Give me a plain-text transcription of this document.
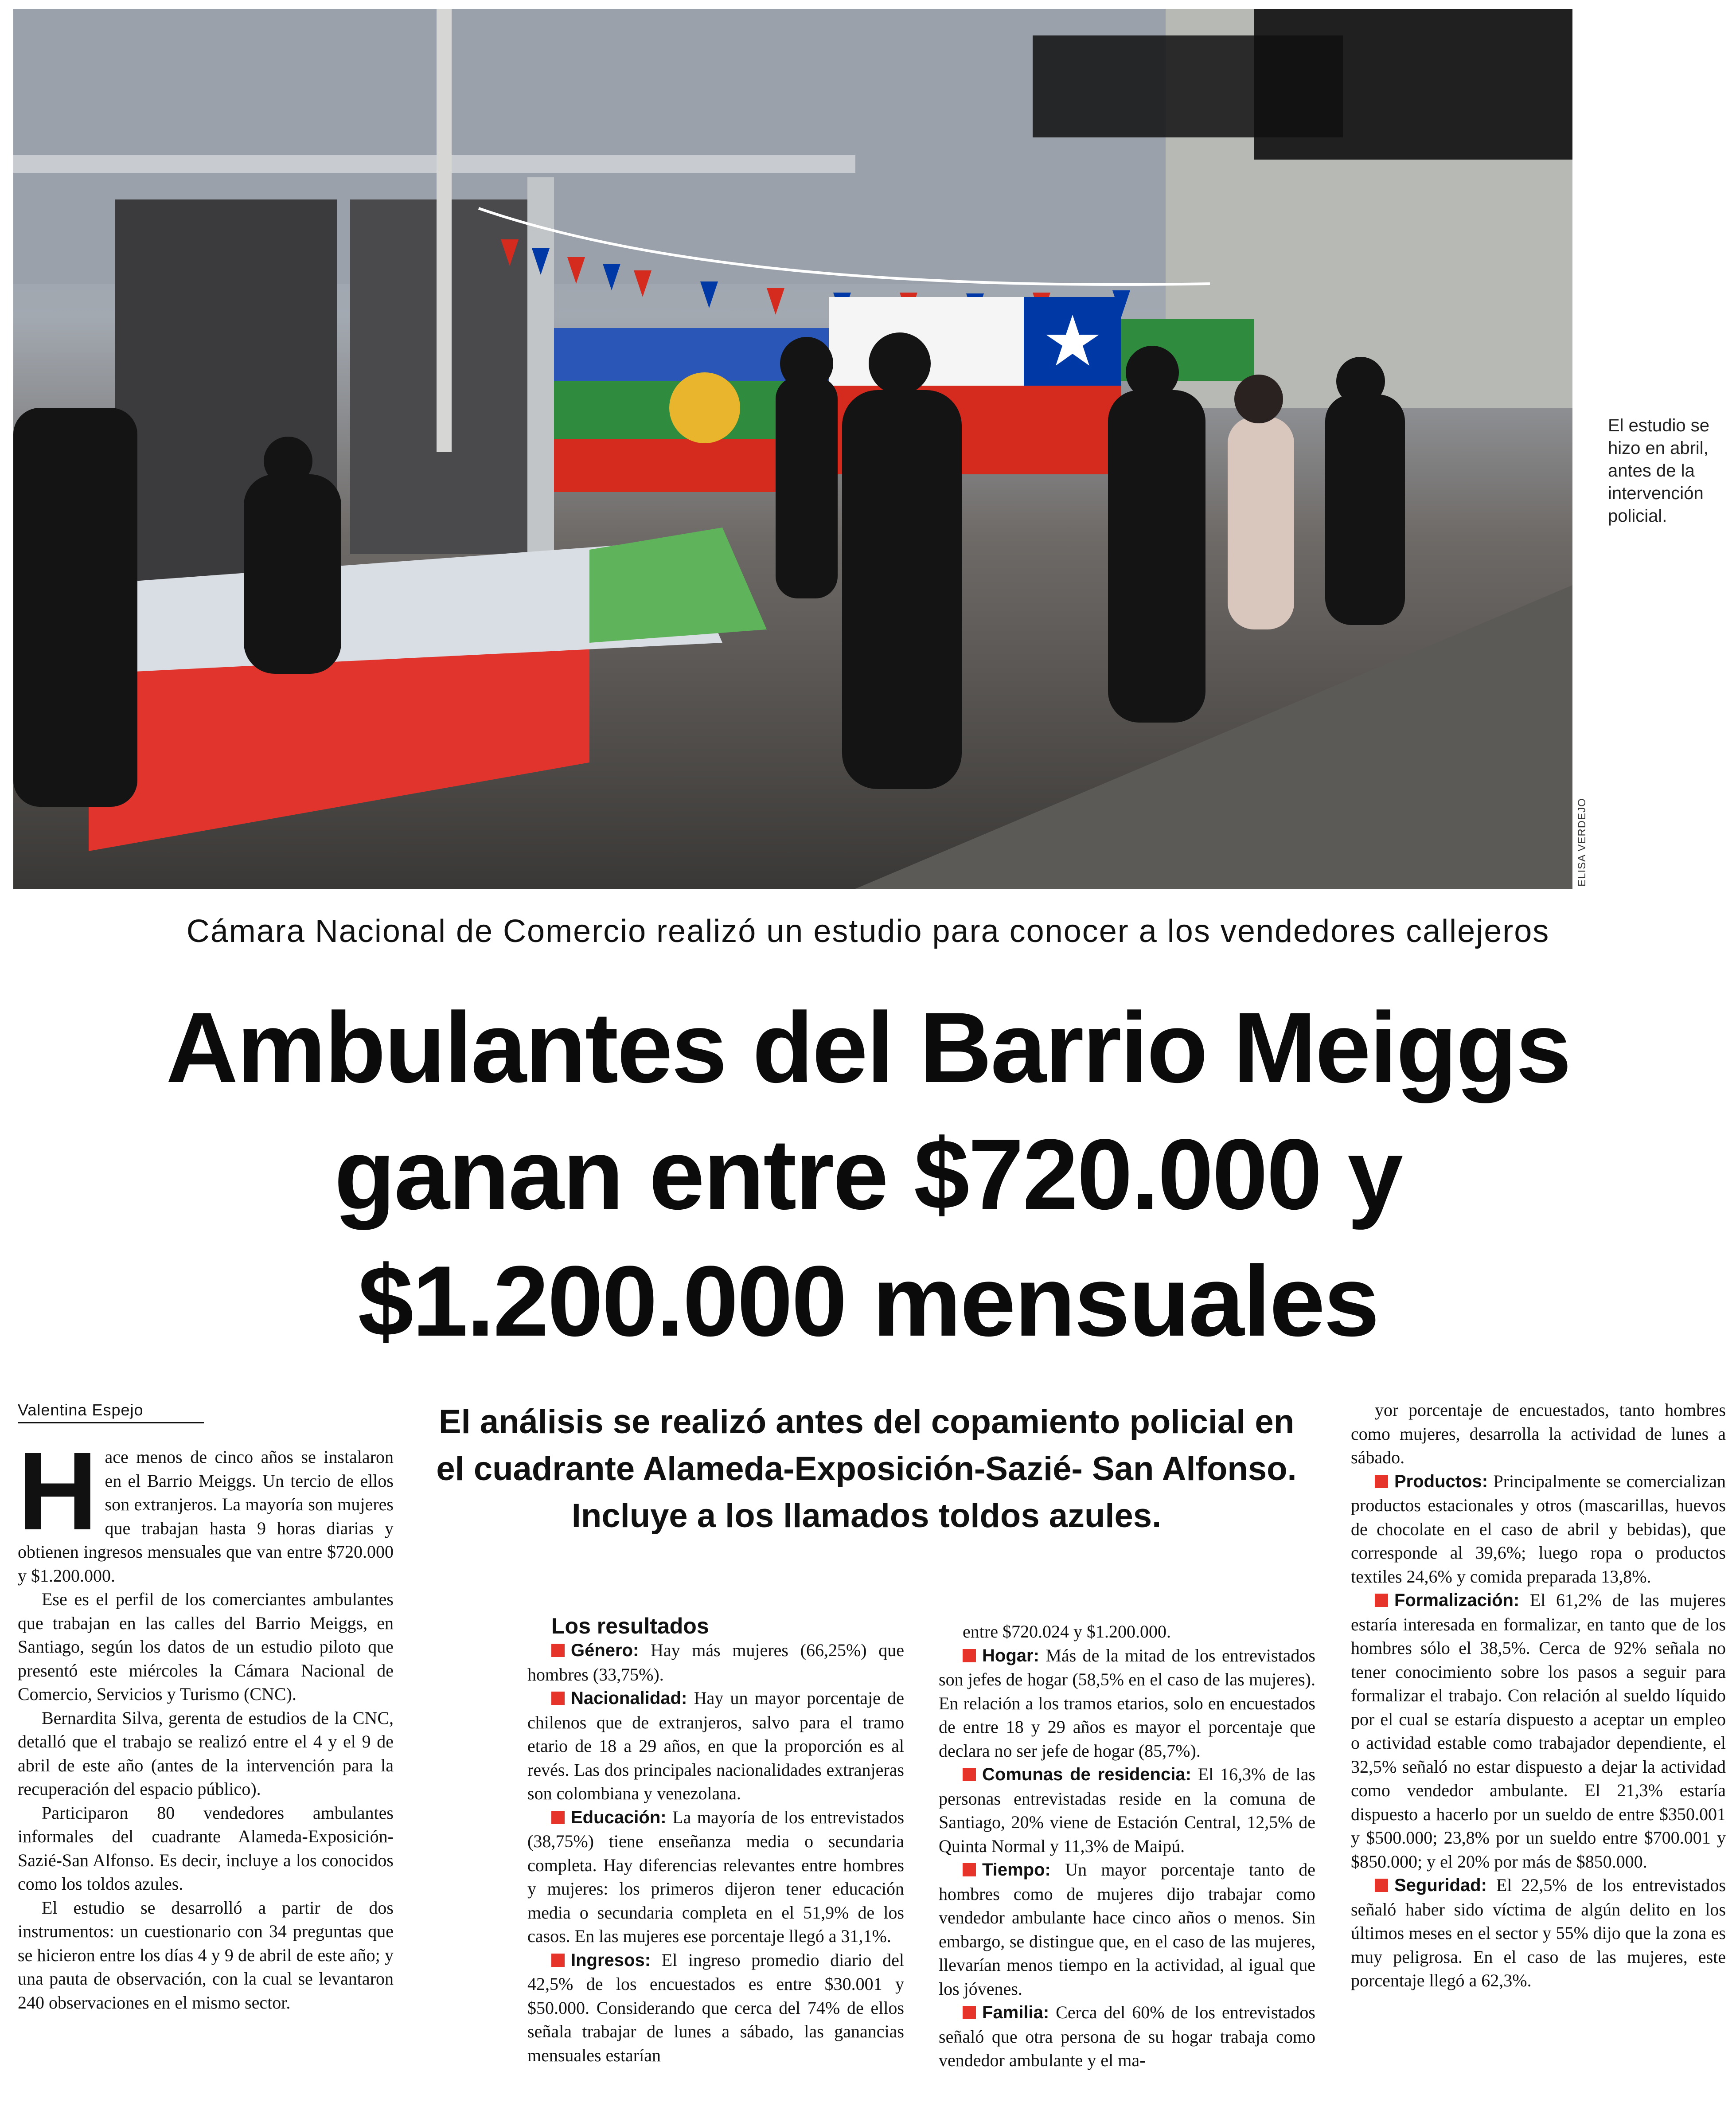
ELISA VERDEJO
El estudio se hizo en abril, antes de la intervención policial.
Cámara Nacional de Comercio realizó un estudio para conocer a los vendedores callejeros
Ambulantes del Barrio Meiggs
ganan entre $720.000 y
$1.200.000 mensuales
Valentina Espejo

Hace menos de cinco años se instalaron en el Barrio Meiggs. Un tercio de ellos son extranjeros. La mayoría son mujeres que trabajan hasta 9 horas diarias y obtienen ingresos mensuales que van entre $720.000 y $1.200.000.

Ese es el perfil de los comerciantes ambulantes que trabajan en las calles del Barrio Meiggs, en Santiago, según los datos de un estudio piloto que presentó este miércoles la Cámara Nacional de Comercio, Servicios y Turismo (CNC).

Bernardita Silva, gerenta de estudios de la CNC, detalló que el trabajo se realizó entre el 4 y el 9 de abril de este año (antes de la intervención para la recuperación del espacio público).

Participaron 80 vendedores ambulantes informales del cuadrante Alameda-Exposición-Sazié-San Alfonso. Es decir, incluye a los conocidos como los toldos azules.

El estudio se desarrolló a partir de dos instrumentos: un cuestionario con 34 preguntas que se hicieron entre los días 4 y 9 de abril de este año; y una pauta de observación, con la cual se levantaron 240 observaciones en el mismo sector.

El análisis se realizó antes del copamiento policial en el cuadrante Alameda-Exposición-Sazié- San Alfonso. Incluye a los llamados toldos azules.

Los resultados

Género: Hay más mujeres (66,25%) que hombres (33,75%).

Nacionalidad: Hay un mayor porcentaje de chilenos que de extranjeros, salvo para el tramo etario de 18 a 29 años, en que la proporción es al revés. Las dos principales nacionalidades extranjeras son colombiana y venezolana.

Educación: La mayoría de los entrevistados (38,75%) tiene enseñanza media o secundaria completa. Hay diferencias relevantes entre hombres y mujeres: los primeros dijeron tener educación media o secundaria completa en el 51,9% de los casos. En las mujeres ese porcentaje llegó a 31,1%.

Ingresos: El ingreso promedio diario del 42,5% de los encuestados es entre $30.001 y $50.000. Considerando que cerca del 74% de ellos señala trabajar de lunes a sábado, las ganancias mensuales estarían

entre $720.024 y $1.200.000.

Hogar: Más de la mitad de los entrevistados son jefes de hogar (58,5% en el caso de las mujeres). En relación a los tramos etarios, solo en encuestados de entre 18 y 29 años es mayor el porcentaje que declara no ser jefe de hogar (85,7%).

Comunas de residencia: El 16,3% de las personas entrevistadas reside en la comuna de Santiago, 20% viene de Estación Central, 12,5% de Quinta Normal y 11,3% de Maipú.

Tiempo: Un mayor porcentaje tanto de hombres como de mujeres dijo trabajar como vendedor ambulante hace cinco años o menos. Sin embargo, se distingue que, en el caso de las mujeres, llevarían menos tiempo en la actividad, al igual que los jóvenes.

Familia: Cerca del 60% de los entrevistados señaló que otra persona de su hogar trabaja como vendedor ambulante y el ma-

yor porcentaje de encuestados, tanto hombres como mujeres, desarrolla la actividad de lunes a sábado.

Productos: Principalmente se comercializan productos estacionales y otros (mascarillas, huevos de chocolate en el caso de abril y bebidas), que corresponde al 39,6%; luego ropa o productos textiles 24,6% y comida preparada 13,8%.

Formalización: El 61,2% de las mujeres estaría interesada en formalizar, en tanto que de los hombres sólo el 38,5%. Cerca de 92% señala no tener conocimiento sobre los pasos a seguir para formalizar el trabajo. Con relación al sueldo líquido por el cual se estaría dispuesto a aceptar un empleo o actividad estable como trabajador dependiente, el 32,5% señaló no estar dispuesto a dejar la actividad como vendedor ambulante. El 21,3% estaría dispuesto a hacerlo por un sueldo de entre $350.001 y $500.000; 23,8% por un sueldo entre $700.001 y $850.000; y el 20% por más de $850.000.

Seguridad: El 22,5% de los entrevistados señaló haber sido víctima de algún delito en los últimos meses en el sector y 55% dijo que la zona es muy peligrosa. En el caso de las mujeres, este porcentaje llegó a 62,3%.
